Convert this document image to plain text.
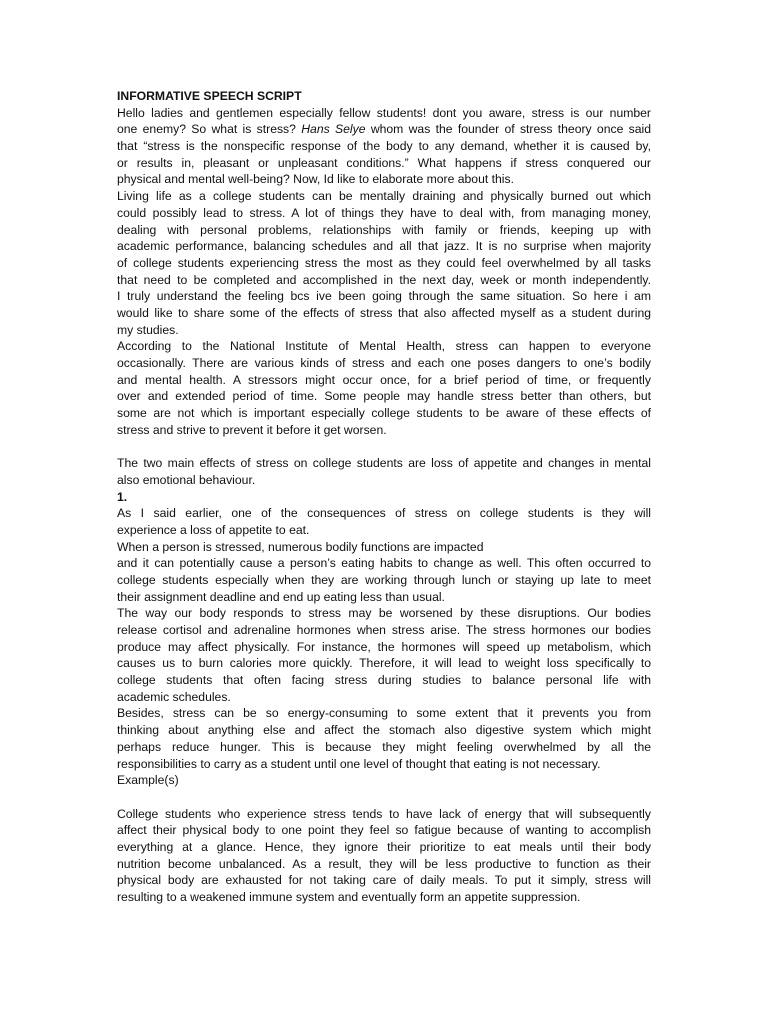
INFORMATIVE SPEECH SCRIPT
Hello ladies and gentlemen especially fellow students! dont you aware, stress is our number
one enemy? So what is stress? Hans Selye whom was the founder of stress theory once said
that “stress is the nonspecific response of the body to any demand, whether it is caused by,
or results in, pleasant or unpleasant conditions.” What happens if stress conquered our
physical and mental well-being? Now, Id like to elaborate more about this.
Living life as a college students can be mentally draining and physically burned out which
could possibly lead to stress. A lot of things they have to deal with, from managing money,
dealing with personal problems, relationships with family or friends, keeping up with
academic performance, balancing schedules and all that jazz. It is no surprise when majority
of college students experiencing stress the most as they could feel overwhelmed by all tasks
that need to be completed and accomplished in the next day, week or month independently.
I truly understand the feeling bcs ive been going through the same situation. So here i am
would like to share some of the effects of stress that also affected myself as a student during
my studies.
According to the National Institute of Mental Health, stress can happen to everyone
occasionally. There are various kinds of stress and each one poses dangers to one’s bodily
and mental health. A stressors might occur once, for a brief period of time, or frequently
over and extended period of time. Some people may handle stress better than others, but
some are not which is important especially college students to be aware of these effects of
stress and strive to prevent it before it get worsen.
The two main effects of stress on college students are loss of appetite and changes in mental
also emotional behaviour.
1.
As I said earlier, one of the consequences of stress on college students is they will
experience a loss of appetite to eat.
When a person is stressed, numerous bodily functions are impacted
and it can potentially cause a person’s eating habits to change as well. This often occurred to
college students especially when they are working through lunch or staying up late to meet
their assignment deadline and end up eating less than usual.
The way our body responds to stress may be worsened by these disruptions. Our bodies
release cortisol and adrenaline hormones when stress arise. The stress hormones our bodies
produce may affect physically. For instance, the hormones will speed up metabolism, which
causes us to burn calories more quickly. Therefore, it will lead to weight loss specifically to
college students that often facing stress during studies to balance personal life with
academic schedules.
Besides, stress can be so energy-consuming to some extent that it prevents you from
thinking about anything else and affect the stomach also digestive system which might
perhaps reduce hunger. This is because they might feeling overwhelmed by all the
responsibilities to carry as a student until one level of thought that eating is not necessary.
Example(s)
College students who experience stress tends to have lack of energy that will subsequently
affect their physical body to one point they feel so fatigue because of wanting to accomplish
everything at a glance. Hence, they ignore their prioritize to eat meals until their body
nutrition become unbalanced. As a result, they will be less productive to function as their
physical body are exhausted for not taking care of daily meals. To put it simply, stress will
resulting to a weakened immune system and eventually form an appetite suppression.
